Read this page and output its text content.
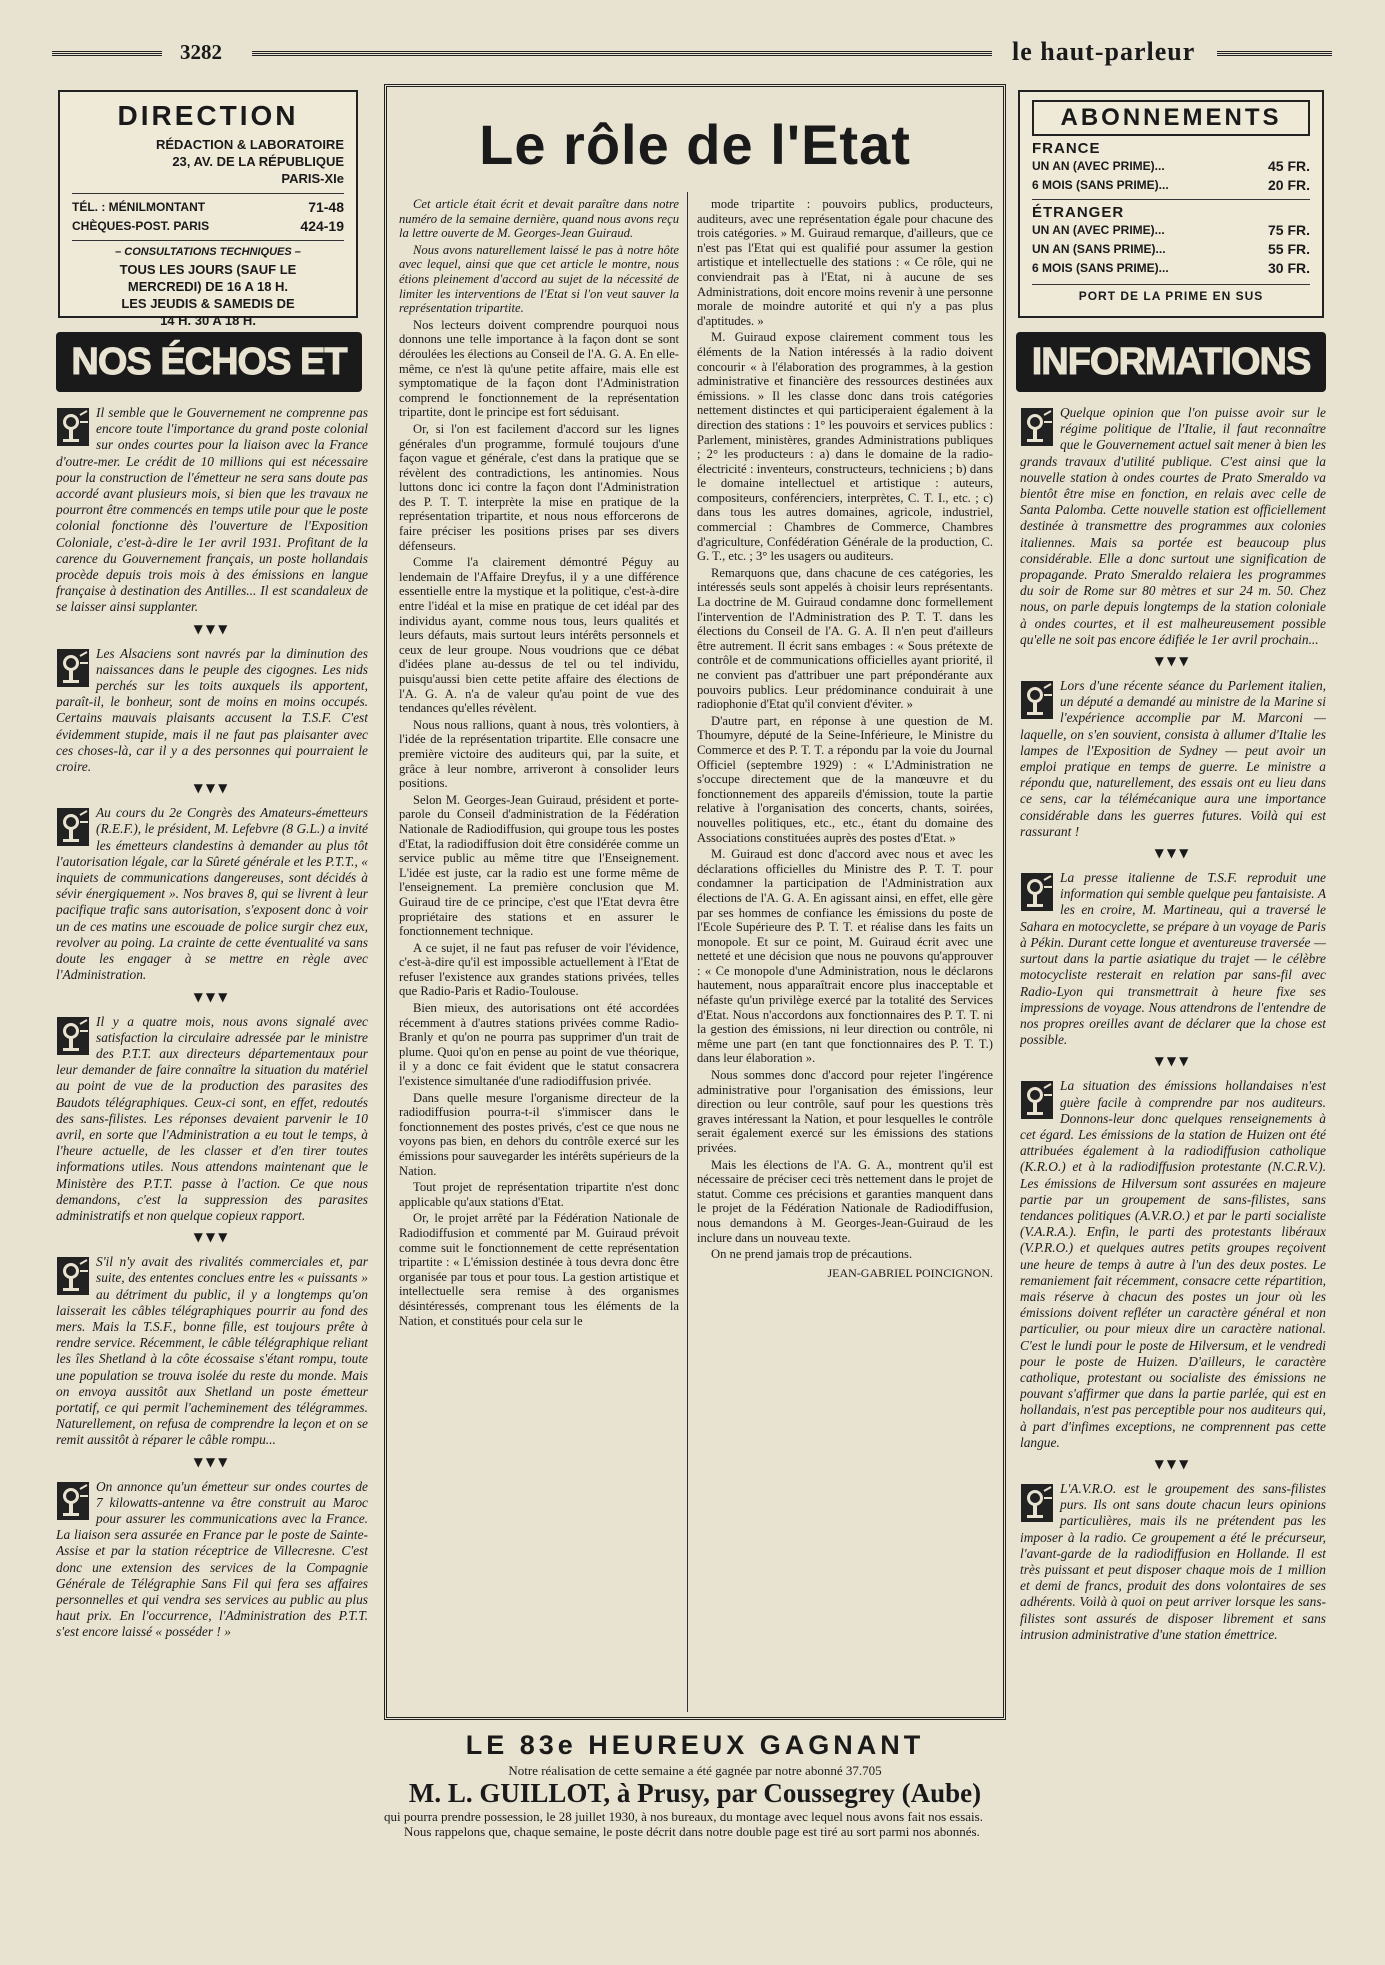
3282	le haut-parleur
DIRECTION
RÉDACTION & LABORATOIRE
23, AV. DE LA RÉPUBLIQUE
PARIS-XIe
TÉL. : MÉNILMONTANT	71-48
CHÈQUES-POST. PARIS	424-19
– CONSULTATIONS TECHNIQUES –
TOUS LES JOURS (SAUF LE
MERCREDI) DE 16 A 18 H.
LES JEUDIS & SAMEDIS DE
14 H. 30 A 18 H.
ABONNEMENTS
FRANCE
UN AN (AVEC PRIME)...	45 FR.
6 MOIS (SANS PRIME)...	20 FR.
ÉTRANGER
UN AN (AVEC PRIME)...	75 FR.
UN AN (SANS PRIME)...	55 FR.
6 MOIS (SANS PRIME)...	30 FR.
PORT DE LA PRIME EN SUS
NOS ÉCHOS ET	INFORMATIONS
Il semble que le Gouvernement ne comprenne pas encore toute l'importance du grand poste colonial sur ondes courtes pour la liaison avec la France d'outre-mer. Le crédit de 10 millions qui est nécessaire pour la construction de l'émetteur ne sera sans doute pas accordé avant plusieurs mois, si bien que les travaux ne pourront être commencés en temps utile pour que le poste colonial fonctionne dès l'ouverture de l'Exposition Coloniale, c'est-à-dire le 1er avril 1931. Profitant de la carence du Gouvernement français, un poste hollandais procède depuis trois mois à des émissions en langue française à destination des Antilles... Il est scandaleux de se laisser ainsi supplanter.
▼▼▼
Les Alsaciens sont navrés par la diminution des naissances dans le peuple des cigognes. Les nids perchés sur les toits auxquels ils apportent, paraît-il, le bonheur, sont de moins en moins occupés. Certains mauvais plaisants accusent la T.S.F. C'est évidemment stupide, mais il ne faut pas plaisanter avec ces choses-là, car il y a des personnes qui pourraient le croire.
▼▼▼
Au cours du 2e Congrès des Amateurs-émetteurs (R.E.F.), le président, M. Lefebvre (8 G.L.) a invité les émetteurs clandestins à demander au plus tôt l'autorisation légale, car la Sûreté générale et les P.T.T., « inquiets de communications dangereuses, sont décidés à sévir énergiquement ». Nos braves 8, qui se livrent à leur pacifique trafic sans autorisation, s'exposent donc à voir un de ces matins une escouade de police surgir chez eux, revolver au poing. La crainte de cette éventualité va sans doute les engager à se mettre en règle avec l'Administration.
▼▼▼
Il y a quatre mois, nous avons signalé avec satisfaction la circulaire adressée par le ministre des P.T.T. aux directeurs départementaux pour leur demander de faire connaître la situation du matériel au point de vue de la production des parasites des Baudots télégraphiques. Ceux-ci sont, en effet, redoutés des sans-filistes. Les réponses devaient parvenir le 10 avril, en sorte que l'Administration a eu tout le temps, à l'heure actuelle, de les classer et d'en tirer toutes informations utiles. Nous attendons maintenant que le Ministère des P.T.T. passe à l'action. Ce que nous demandons, c'est la suppression des parasites administratifs et non quelque copieux rapport.
▼▼▼
S'il n'y avait des rivalités commerciales et, par suite, des ententes conclues entre les « puissants » au détriment du public, il y a longtemps qu'on laisserait les câbles télégraphiques pourrir au fond des mers. Mais la T.S.F., bonne fille, est toujours prête à rendre service. Récemment, le câble télégraphique reliant les îles Shetland à la côte écossaise s'étant rompu, toute une population se trouva isolée du reste du monde. Mais on envoya aussitôt aux Shetland un poste émetteur portatif, ce qui permit l'acheminement des télégrammes. Naturellement, on refusa de comprendre la leçon et on se remit aussitôt à réparer le câble rompu...
▼▼▼
On annonce qu'un émetteur sur ondes courtes de 7 kilowatts-antenne va être construit au Maroc pour assurer les communications avec la France. La liaison sera assurée en France par le poste de Sainte-Assise et par la station réceptrice de Villecresne. C'est donc une extension des services de la Compagnie Générale de Télégraphie Sans Fil qui fera ses affaires personnelles et qui vendra ses services au public au plus haut prix. En l'occurrence, l'Administration des P.T.T. s'est encore laissé « posséder ! »
Quelque opinion que l'on puisse avoir sur le régime politique de l'Italie, il faut reconnaître que le Gouvernement actuel sait mener à bien les grands travaux d'utilité publique. C'est ainsi que la nouvelle station à ondes courtes de Prato Smeraldo va bientôt être mise en fonction, en relais avec celle de Santa Palomba. Cette nouvelle station est officiellement destinée à transmettre des programmes aux colonies italiennes. Mais sa portée est beaucoup plus considérable. Elle a donc surtout une signification de propagande. Prato Smeraldo relaiera les programmes du soir de Rome sur 80 mètres et sur 24 m. 50. Chez nous, on parle depuis longtemps de la station coloniale à ondes courtes, et il est malheureusement possible qu'elle ne soit pas encore édifiée le 1er avril prochain...
▼▼▼
Lors d'une récente séance du Parlement italien, un député a demandé au ministre de la Marine si l'expérience accomplie par M. Marconi — laquelle, on s'en souvient, consista à allumer d'Italie les lampes de l'Exposition de Sydney — peut avoir un emploi pratique en temps de guerre. Le ministre a répondu que, naturellement, des essais ont eu lieu dans ce sens, car la télémécanique aura une importance considérable dans les guerres futures. Voilà qui est rassurant !
▼▼▼
La presse italienne de T.S.F. reproduit une information qui semble quelque peu fantaisiste. A les en croire, M. Martineau, qui a traversé le Sahara en motocyclette, se prépare à un voyage de Paris à Pékin. Durant cette longue et aventureuse traversée — surtout dans la partie asiatique du trajet — le célèbre motocycliste resterait en relation par sans-fil avec Radio-Lyon qui transmettrait à heure fixe ses impressions de voyage. Nous attendrons de l'entendre de nos propres oreilles avant de déclarer que la chose est possible.
▼▼▼
La situation des émissions hollandaises n'est guère facile à comprendre par nos auditeurs. Donnons-leur donc quelques renseignements à cet égard. Les émissions de la station de Huizen ont été attribuées également à la radiodiffusion catholique (K.R.O.) et à la radiodiffusion protestante (N.C.R.V.). Les émissions de Hilversum sont assurées en majeure partie par un groupement de sans-filistes, sans tendances politiques (A.V.R.O.) et par le parti socialiste (V.A.R.A.). Enfin, le parti des protestants libéraux (V.P.R.O.) et quelques autres petits groupes reçoivent une heure de temps à autre à l'un des deux postes. Le remaniement fait récemment, consacre cette répartition, mais réserve à chacun des postes un jour où les émissions doivent refléter un caractère général et non particulier, ou pour mieux dire un caractère national. C'est le lundi pour le poste de Hilversum, et le vendredi pour le poste de Huizen. D'ailleurs, le caractère catholique, protestant ou socialiste des émissions ne pouvant s'affirmer que dans la partie parlée, qui est en hollandais, n'est pas perceptible pour nos auditeurs qui, à part d'infimes exceptions, ne comprennent pas cette langue.
▼▼▼
L'A.V.R.O. est le groupement des sans-filistes purs. Ils ont sans doute chacun leurs opinions particulières, mais ils ne prétendent pas les imposer à la radio. Ce groupement a été le précurseur, l'avant-garde de la radiodiffusion en Hollande. Il est très puissant et peut disposer chaque mois de 1 million et demi de francs, produit des dons volontaires de ses adhérents. Voilà à quoi on peut arriver lorsque les sans-filistes sont assurés de disposer librement et sans intrusion administrative d'une station émettrice.
Le rôle de l'Etat

Cet article était écrit et devait paraître dans notre numéro de la semaine dernière, quand nous avons reçu la lettre ouverte de M. Georges-Jean Guiraud.

Nous avons naturellement laissé le pas à notre hôte avec lequel, ainsi que que cet article le montre, nous étions pleinement d'accord au sujet de la nécessité de limiter les interventions de l'Etat si l'on veut sauver la représentation tripartite.

Nos lecteurs doivent comprendre pourquoi nous donnons une telle importance à la façon dont se sont déroulées les élections au Conseil de l'A. G. A. En elle-même, ce n'est là qu'une petite affaire, mais elle est symptomatique de la façon dont l'Administration comprend le fonctionnement de la représentation tripartite, dont le principe est fort séduisant.

Or, si l'on est facilement d'accord sur les lignes générales d'un programme, formulé toujours d'une façon vague et générale, c'est dans la pratique que se révèlent des contradictions, les antinomies. Nous luttons donc ici contre la façon dont l'Administration des P. T. T. interprète la mise en pratique de la représentation tripartite, et nous nous efforcerons de faire préciser les positions prises par ses divers défenseurs.

Comme l'a clairement démontré Péguy au lendemain de l'Affaire Dreyfus, il y a une différence essentielle entre la mystique et la politique, c'est-à-dire entre l'idéal et la mise en pratique de cet idéal par des individus ayant, comme nous tous, leurs qualités et leurs défauts, mais surtout leurs intérêts personnels et ceux de leur groupe. Nous voudrions que ce débat d'idées plane au-dessus de tel ou tel individu, puisqu'aussi bien cette petite affaire des élections de l'A. G. A. n'a de valeur qu'au point de vue des tendances qu'elles révèlent.

Nous nous rallions, quant à nous, très volontiers, à l'idée de la représentation tripartite. Elle consacre une première victoire des auditeurs qui, par la suite, et grâce à leur nombre, arriveront à consolider leurs positions.

Selon M. Georges-Jean Guiraud, président et porte-parole du Conseil d'administration de la Fédération Nationale de Radiodiffusion, qui groupe tous les postes d'Etat, la radiodiffusion doit être considérée comme un service public au même titre que l'Enseignement. L'idée est juste, car la radio est une forme même de l'enseignement. La première conclusion que M. Guiraud tire de ce principe, c'est que l'Etat devra être propriétaire des stations et en assurer le fonctionnement technique.

A ce sujet, il ne faut pas refuser de voir l'évidence, c'est-à-dire qu'il est impossible actuellement à l'Etat de refuser l'existence aux grandes stations privées, telles que Radio-Paris et Radio-Toulouse.

Bien mieux, des autorisations ont été accordées récemment à d'autres stations privées comme Radio-Branly et qu'on ne pourra pas supprimer d'un trait de plume. Quoi qu'on en pense au point de vue théorique, il y a donc ce fait évident que le statut consacrera l'existence simultanée d'une radiodiffusion privée.

Dans quelle mesure l'organisme directeur de la radiodiffusion pourra-t-il s'immiscer dans le fonctionnement des postes privés, c'est ce que nous ne voyons pas bien, en dehors du contrôle exercé sur les émissions pour sauvegarder les intérêts supérieurs de la Nation.

Tout projet de représentation tripartite n'est donc applicable qu'aux stations d'Etat.

Or, le projet arrêté par la Fédération Nationale de Radiodiffusion et commenté par M. Guiraud prévoit comme suit le fonctionnement de cette représentation tripartite : « L'émission destinée à tous devra donc être organisée par tous et pour tous. La gestion artistique et intellectuelle sera remise à des organismes désintéressés, comprenant tous les éléments de la Nation, et constitués pour cela sur le

mode tripartite : pouvoirs publics, producteurs, auditeurs, avec une représentation égale pour chacune des trois catégories. » M. Guiraud remarque, d'ailleurs, que ce n'est pas l'Etat qui est qualifié pour assumer la gestion artistique et intellectuelle des stations : « Ce rôle, qui ne conviendrait pas à l'Etat, ni à aucune de ses Administrations, doit encore moins revenir à une personne morale de moindre autorité et qui n'y a pas plus d'aptitudes. »

M. Guiraud expose clairement comment tous les éléments de la Nation intéressés à la radio doivent concourir « à l'élaboration des programmes, à la gestion administrative et financière des ressources destinées aux émissions. » Il les classe donc dans trois catégories nettement distinctes et qui participeraient également à la direction des stations : 1° les pouvoirs et services publics : Parlement, ministères, grandes Administrations publiques ; 2° les producteurs : a) dans le domaine de la radio-électricité : inventeurs, constructeurs, techniciens ; b) dans le domaine intellectuel et artistique : auteurs, compositeurs, conférenciers, interprètes, C. T. I., etc. ; c) dans tous les autres domaines, agricole, industriel, commercial : Chambres de Commerce, Chambres d'agriculture, Confédération Générale de la production, C. G. T., etc. ; 3° les usagers ou auditeurs.

Remarquons que, dans chacune de ces catégories, les intéressés seuls sont appelés à choisir leurs représentants. La doctrine de M. Guiraud condamne donc formellement l'intervention de l'Administration des P. T. T. dans les élections du Conseil de l'A. G. A. Il n'en peut d'ailleurs être autrement. Il écrit sans embages : « Sous prétexte de contrôle et de communications officielles ayant priorité, il ne convient pas d'attribuer une part prépondérante aux pouvoirs publics. Leur prédominance conduirait à une radiophonie d'Etat qu'il convient d'éviter. »

D'autre part, en réponse à une question de M. Thoumyre, député de la Seine-Inférieure, le Ministre du Commerce et des P. T. T. a répondu par la voie du Journal Officiel (septembre 1929) : « L'Administration ne s'occupe directement que de la manœuvre et du fonctionnement des appareils d'émission, toute la partie relative à l'organisation des concerts, chants, soirées, nouvelles politiques, etc., etc., étant du domaine des Associations constituées auprès des postes d'Etat. »

M. Guiraud est donc d'accord avec nous et avec les déclarations officielles du Ministre des P. T. T. pour condamner la participation de l'Administration aux élections de l'A. G. A. En agissant ainsi, en effet, elle gère par ses hommes de confiance les émissions du poste de l'Ecole Supérieure des P. T. T. et réalise dans les faits un monopole. Et sur ce point, M. Guiraud écrit avec une netteté et une décision que nous ne pouvons qu'approuver : « Ce monopole d'une Administration, nous le déclarons hautement, nous apparaîtrait encore plus inacceptable et néfaste qu'un privilège exercé par la totalité des Services d'Etat. Nous n'accordons aux fonctionnaires des P. T. T. ni la gestion des émissions, ni leur direction ou contrôle, ni même une part (en tant que fonctionnaires des P. T. T.) dans leur élaboration ».

Nous sommes donc d'accord pour rejeter l'ingérence administrative pour l'organisation des émissions, leur direction ou leur contrôle, sauf pour les questions très graves intéressant la Nation, et pour lesquelles le contrôle serait également exercé sur les émissions des stations privées.

Mais les élections de l'A. G. A., montrent qu'il est nécessaire de préciser ceci très nettement dans le projet de statut. Comme ces précisions et garanties manquent dans le projet de la Fédération Nationale de Radiodiffusion, nous demandons à M. Georges-Jean-Guiraud de les inclure dans un nouveau texte.

On ne prend jamais trop de précautions.

JEAN-GABRIEL POINCIGNON.
LE 83e HEUREUX GAGNANT
Notre réalisation de cette semaine a été gagnée par notre abonné 37.705
M. L. GUILLOT, à Prusy, par Coussegrey (Aube)
qui pourra prendre possession, le 28 juillet 1930, à nos bureaux, du montage avec lequel nous avons fait nos essais.
Nous rappelons que, chaque semaine, le poste décrit dans notre double page est tiré au sort parmi nos abonnés.
